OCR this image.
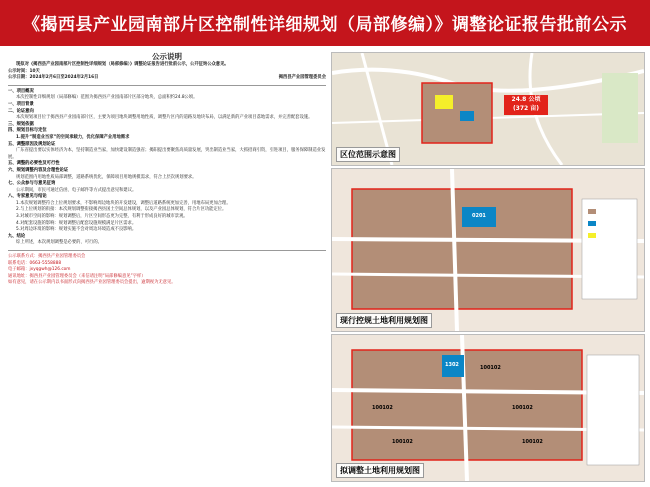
《揭西县产业园南部片区控制性详细规划（局部修编）》调整论证报告批前公示

公示说明

现拟对《揭西县产业园南部片区控制性详细规划（局部修编）》调整论证报告进行批前公示，公开征询公众意见。

公示时间：10天

公示日期：2024年2月6日至2024年2月16日	揭西县产业园管理委员会

一、项目概况

本次控制性详细规划（局部修编）范围为揭西县产业园南部片区部分地块，总面积约24.8公顷。

一、项目背景

二、论证意向

本次规划项目位于揭西县产业园南部片区，主要为项目地块调整用地性质，调整片区内的道路及地块布局，以满足新的产业项目落地需求，并完善配套设施。

三、规划依据

四、规划目标与定位

1.提升“制造业当家”的空间承载力，优化保障产业用地需求

五、调整原因及规划论证

广东省提出要以实体经济为本，坚持制造业当家，加快建设制造强省；揭阳提出要聚焦高质量发展，突出制造业当家，大抓招商引资，引进项目，服务保障制造业发展。

五、调整的必要性及可行性

六、规划调整内容及合理性论证

规划范围内用地性质局部调整，道路系统优化，保障项目用地规模需求，符合上层次规划要求。

七、公众参与与意见征询

公示期间，市民可通过信函、电子邮件等方式提出意见和建议。

八、专家意见与结论

1.本次规划调整符合上位规划要求，不影响周边地块的开发建设，调整后道路系统更加完善，用地布局更加合理。

2.与上位规划的衔接：本次规划调整衔接揭西县国土空间总体规划，以及产业园总体规划，符合片区功能定位。

3.对城市空间的影响：规划调整后，片区空间形态更为完整，有利于形成良好的城市景观。

4.对配套设施的影响：规划调整后配套设施规模满足片区需求。

5.对周边环境的影响：规划实施不会对周边环境造成不良影响。

九、结论

综上所述，本次规划调整是必要的、可行的。

公示联系方式：揭西县产业园管理委员会

联系电话：0663-5558888

电子邮箱：jxyqgwh@126.com

通讯地址：揭西县产业园管理委员会（来信请注明“局部修编意见”字样）

如有意见，请在公示期内以书面形式向揭西县产业园管理委员会提出，逾期视为无意见。

24.8 公顷
(372 亩)
区位范围示意图
0201
现行控规土地利用规划图
1302	100102
100102	100102
100102	100102
拟调整土地利用规划图
